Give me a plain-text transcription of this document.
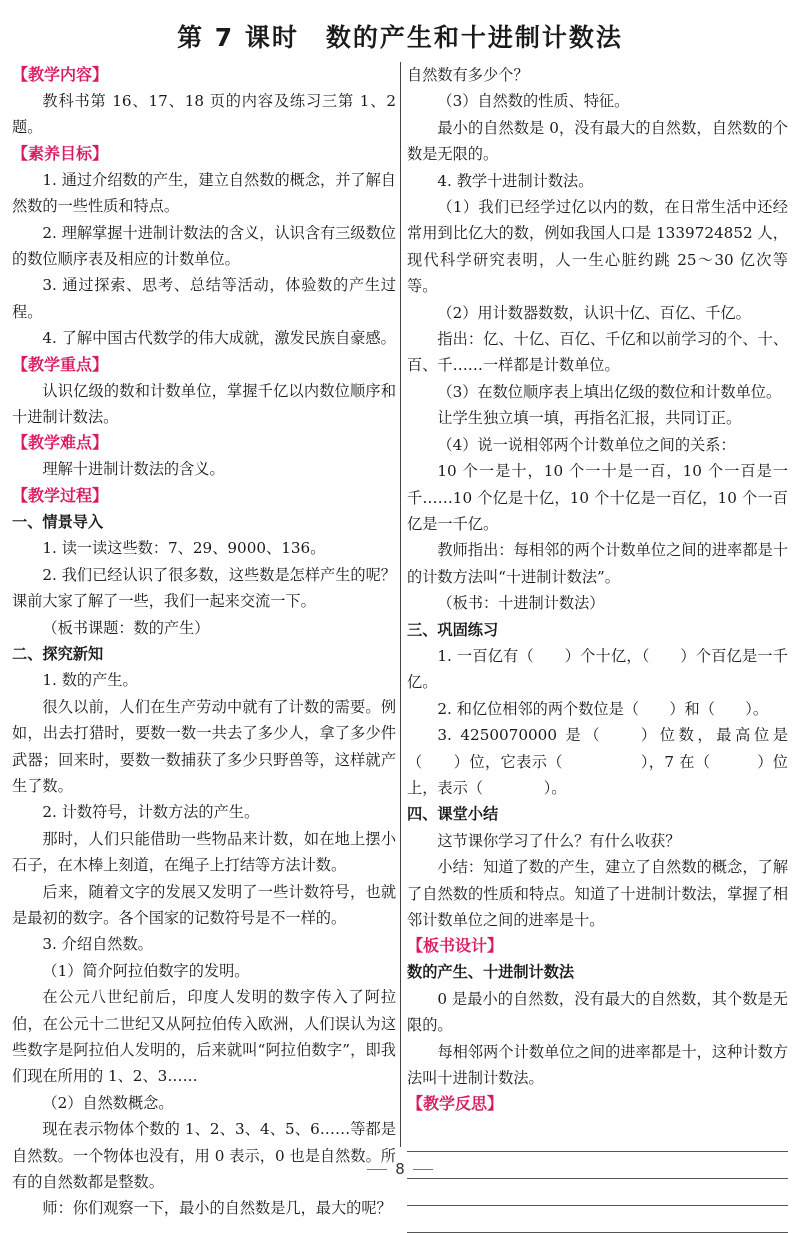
第 7 课时　数的产生和十进制计数法
【 教学内容 】

教科书第 16、17、18 页的内容及练习三第 1、2 题。

【 素养目标 】

1. 通过介绍数的产生，建立自然数的概念，并了解自然数的一些性质和特点。

2. 理解掌握十进制计数法的含义，认识含有三级数位的数位顺序表及相应的计数单位。

3. 通过探索、思考、总结等活动，体验数的产生过程。

4. 了解中国古代数学的伟大成就，激发民族自豪感。

【 教学重点 】

认识亿级的数和计数单位，掌握千亿以内数位顺序和十进制计数法。

【 教学难点 】

理解十进制计数法的含义。

【 教学过程 】

一、情景导入

1. 读一读这些数：7、29、9000、136。

2. 我们已经认识了很多数，这些数是怎样产生的呢？课前大家了解了一些，我们一起来交流一下。

（板书课题：数的产生）

二、探究新知

1. 数的产生。

很久以前，人们在生产劳动中就有了计数的需要。例如，出去打猎时，要数一数一共去了多少人，拿了多少件武器；回来时，要数一数捕获了多少只野兽等，这样就产生了数。

2. 计数符号，计数方法的产生。

那时，人们只能借助一些物品来计数，如在地上摆小石子，在木棒上刻道，在绳子上打结等方法计数。

后来，随着文字的发展又发明了一些计数符号，也就是最初的数字。各个国家的记数符号是不一样的。

3. 介绍自然数。

（1）简介阿拉伯数字的发明。

在公元八世纪前后，印度人发明的数字传入了阿拉伯，在公元十二世纪又从阿拉伯传入欧洲，人们误认为这些数字是阿拉伯人发明的，后来就叫“阿拉伯数字”，即我们现在所用的 1、2、3……

（2）自然数概念。

现在表示物体个数的 1、2、3、4、5、6……等都是自然数。一个物体也没有，用 0 表示，0 也是自然数。所有的自然数都是整数。

师：你们观察一下，最小的自然数是几，最大的呢？

自然数有多少个？

（3）自然数的性质、特征。

最小的自然数是 0，没有最大的自然数，自然数的个数是无限的。

4. 教学十进制计数法。

（1）我们已经学过亿以内的数，在日常生活中还经常用到比亿大的数，例如我国人口是 1339724852 人，现代科学研究表明，人一生心脏约跳 25～30 亿次等等。

（2）用计数器数数，认识十亿、百亿、千亿。

指出：亿、十亿、百亿、千亿和以前学习的个、十、百、千……一样都是计数单位。

（3）在数位顺序表上填出亿级的数位和计数单位。

让学生独立填一填，再指名汇报，共同订正。

（4）说一说相邻两个计数单位之间的关系：

10 个一是十，10 个一十是一百，10 个一百是一千……10 个亿是十亿，10 个十亿是一百亿，10 个一百亿是一千亿。

教师指出：每相邻的两个计数单位之间的进率都是十的计数方法叫“十进制计数法”。

（板书：十进制计数法）

三、巩固练习

1. 一百亿有（　　）个十亿，（　　）个百亿是一千亿。

2. 和亿位相邻的两个数位是（　　）和（　　）。

3. 4250070000 是（　　）位数，最高位是（　　）位，它表示（　　　　　），7 在（　　　）位上，表示（　　　　）。

四、课堂小结

这节课你学习了什么？有什么收获？

小结：知道了数的产生，建立了自然数的概念，了解了自然数的性质和特点。知道了十进制计数法，掌握了相邻计数单位之间的进率是十。

【 板书设计 】

数的产生、十进制计数法

0 是最小的自然数，没有最大的自然数，其个数是无限的。

每相邻两个计数单位之间的进率都是十，这种计数方法叫十进制计数法。

【 教学反思 】
8
